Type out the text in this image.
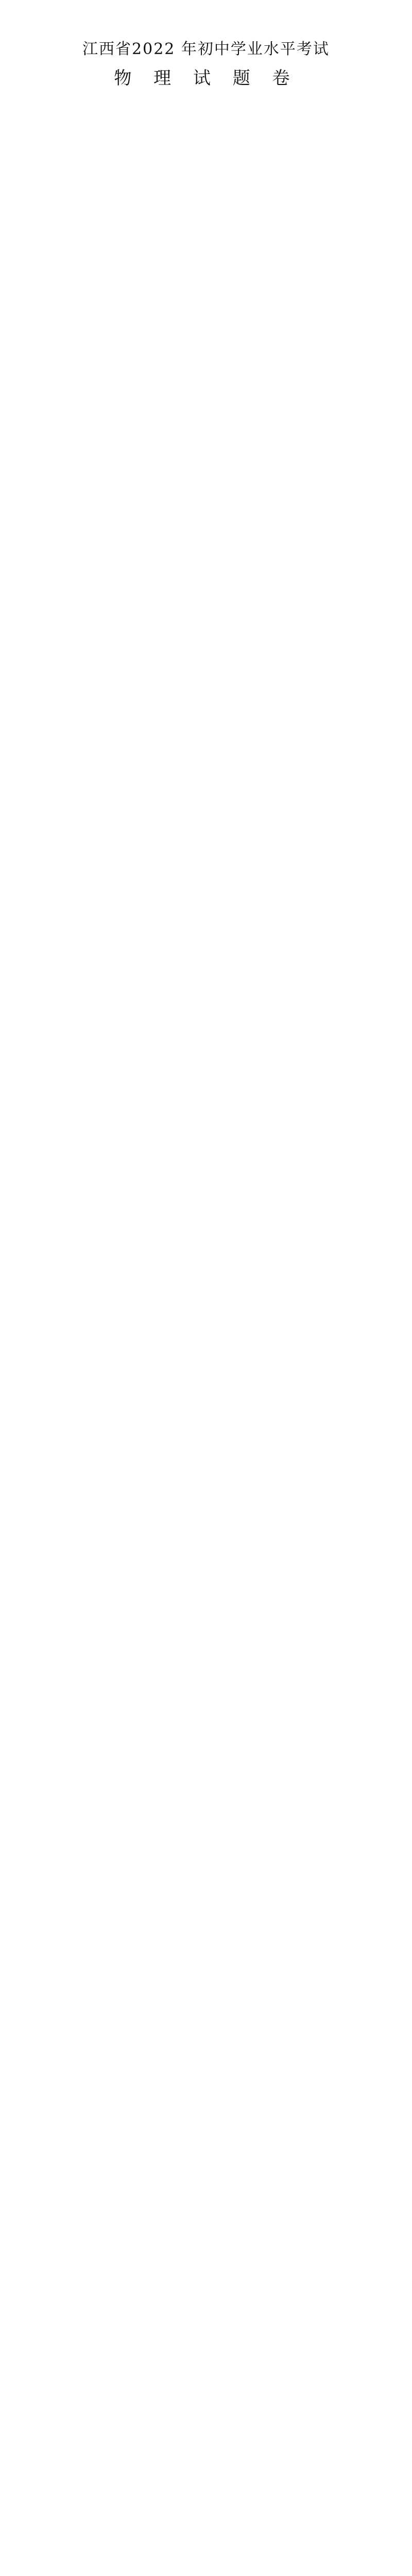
江西省2022 年初中学业水平考试
物 理 试 题 卷
